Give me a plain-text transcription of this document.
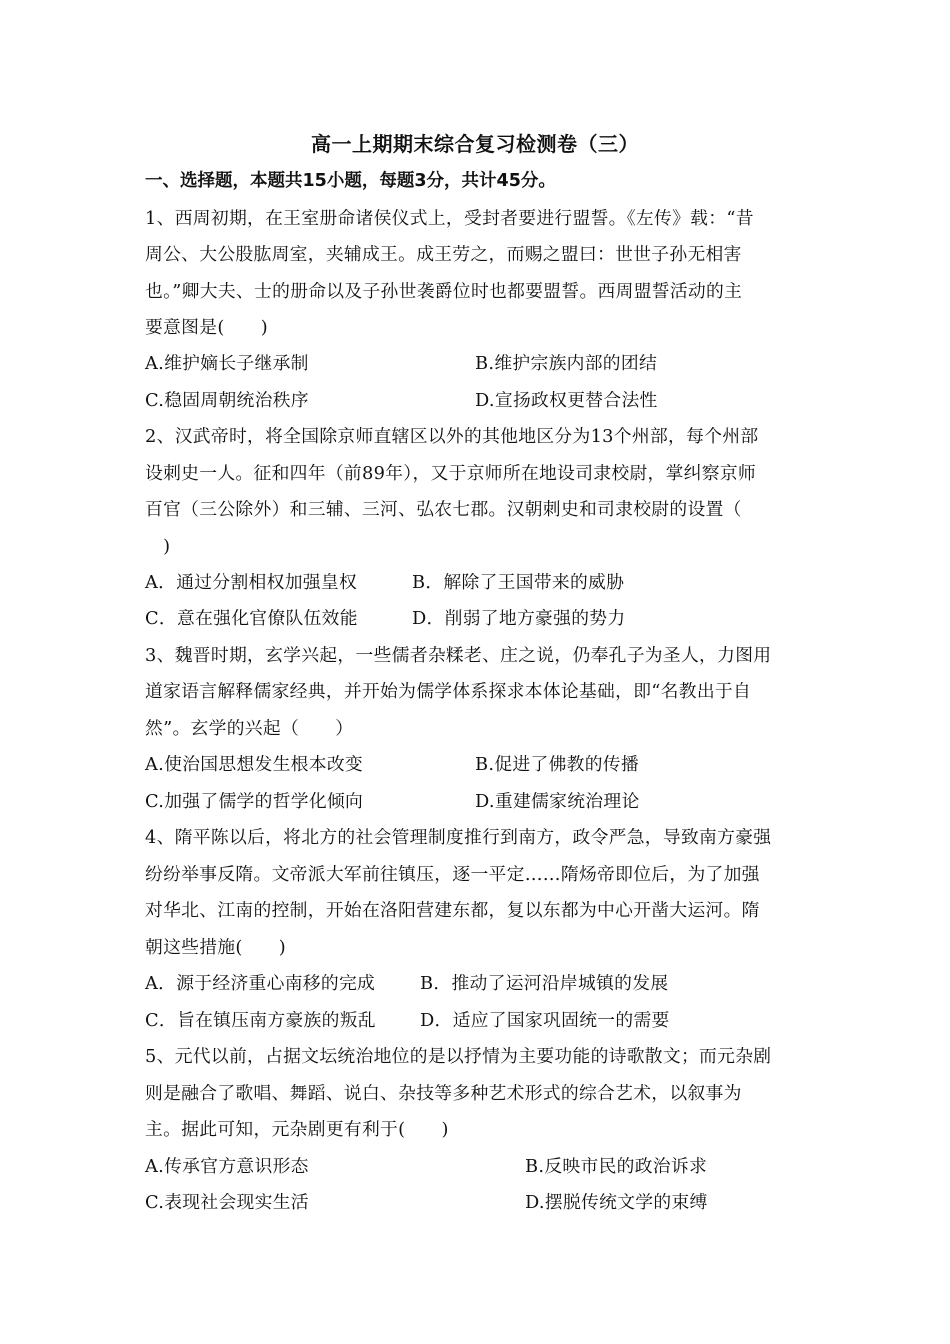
高一上期期末综合复习检测卷（三）
一、选择题，本题共15小题，每题3分，共计45分。
1、西周初期，在王室册命诸侯仪式上，受封者要进行盟誓。《左传》载：“昔
周公、大公股肱周室，夹辅成王。成王劳之，而赐之盟曰：世世子孙无相害
也。”卿大夫、士的册命以及子孙世袭爵位时也都要盟誓。西周盟誓活动的主
要意图是(　　)
A.维护嫡长子继承制	B.维护宗族内部的团结
C.稳固周朝统治秩序	D.宣扬政权更替合法性
2、汉武帝时，将全国除京师直辖区以外的其他地区分为13个州部，每个州部
设刺史一人。征和四年（前89年），又于京师所在地设司隶校尉，掌纠察京师
百官（三公除外）和三辅、三河、弘农七郡。汉朝刺史和司隶校尉的设置（
　)
A．通过分割相权加强皇权	B．解除了王国带来的威胁
C．意在强化官僚队伍效能	D．削弱了地方豪强的势力
3、魏晋时期，玄学兴起，一些儒者杂糅老、庄之说，仍奉孔子为圣人，力图用
道家语言解释儒家经典，并开始为儒学体系探求本体论基础，即“名教出于自
然”。玄学的兴起（　　）
A.使治国思想发生根本改变	B.促进了佛教的传播
C.加强了儒学的哲学化倾向	D.重建儒家统治理论
4、隋平陈以后，将北方的社会管理制度推行到南方，政令严急，导致南方豪强
纷纷举事反隋。文帝派大军前往镇压，逐一平定……隋炀帝即位后，为了加强
对华北、江南的控制，开始在洛阳营建东都，复以东都为中心开凿大运河。隋
朝这些措施(　　)
A．源于经济重心南移的完成	B．推动了运河沿岸城镇的发展
C．旨在镇压南方豪族的叛乱 D．适应了国家巩固统一的需要
5、元代以前，占据文坛统治地位的是以抒情为主要功能的诗歌散文；而元杂剧
则是融合了歌唱、舞蹈、说白、杂技等多种艺术形式的综合艺术，以叙事为
主。据此可知，元杂剧更有利于(　　)
A.传承官方意识形态	B.反映市民的政治诉求
C.表现社会现实生活	D.摆脱传统文学的束缚
